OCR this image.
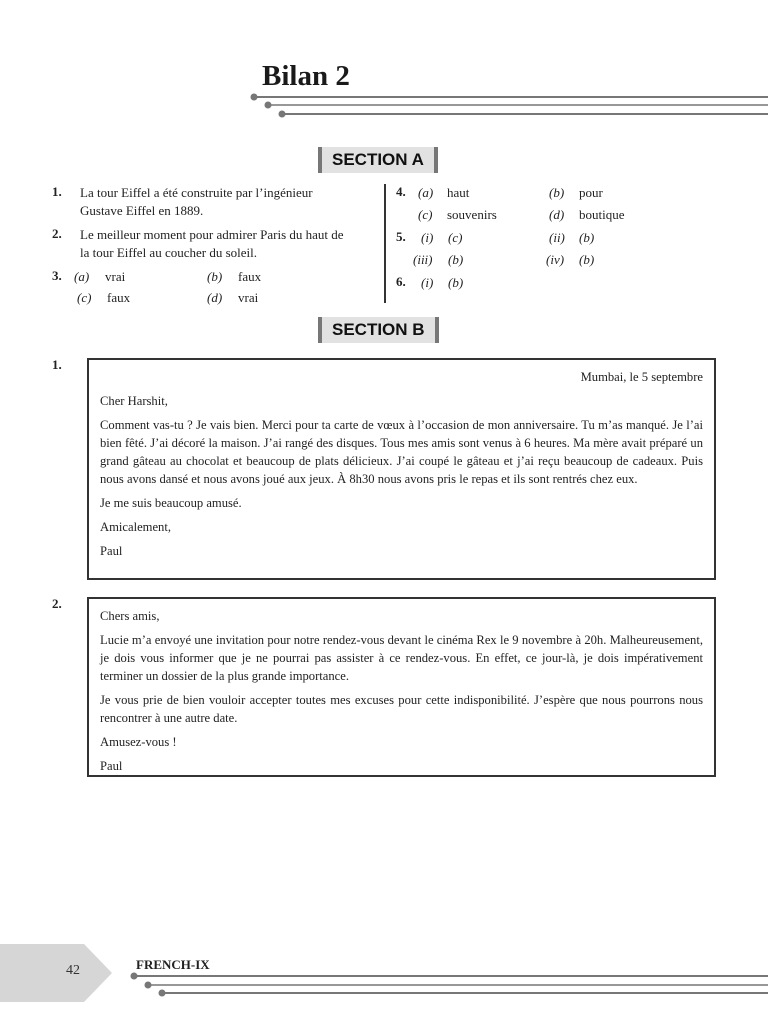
Bilan 2
SECTION A
1. La tour Eiffel a été construite par l’ingénieur
Gustave Eiffel en 1889.
2. Le meilleur moment pour admirer Paris du haut de
la tour Eiffel au coucher du soleil.
3. (a) vrai	(b) faux
(c) faux	(d) vrai
4. (a) haut	(b) pour
(c) souvenirs	(d) boutique
5. (i) (c)	(ii) (b)
(iii) (b)	(iv) (b)
6. (i) (b)
SECTION B
1.

Mumbai, le 5 septembre

Cher Harshit,

Comment vas-tu ? Je vais bien. Merci pour ta carte de vœux à l’occasion de mon anniversaire. Tu m’as manqué. Je l’ai bien fêté. J’ai décoré la maison. J’ai rangé des disques. Tous mes amis sont venus à 6 heures. Ma mère avait préparé un grand gâteau au chocolat et beaucoup de plats délicieux. J’ai coupé le gâteau et j’ai reçu beaucoup de cadeaux. Puis nous avons dansé et nous avons joué aux jeux. À 8h30 nous avons pris le repas et ils sont rentrés chez eux.

Je me suis beaucoup amusé.

Amicalement,

Paul

2.

Chers amis,

Lucie m’a envoyé une invitation pour notre rendez-vous devant le cinéma Rex le 9 novembre à 20h. Malheureusement, je dois vous informer que je ne pourrai pas assister à ce rendez-vous. En effet, ce jour-là, je dois impérativement terminer un dossier de la plus grande importance.

Je vous prie de bien vouloir accepter toutes mes excuses pour cette indisponibilité. J’espère que nous pourrons nous rencontrer à une autre date.

Amusez-vous !

Paul

42	FRENCH-IX
